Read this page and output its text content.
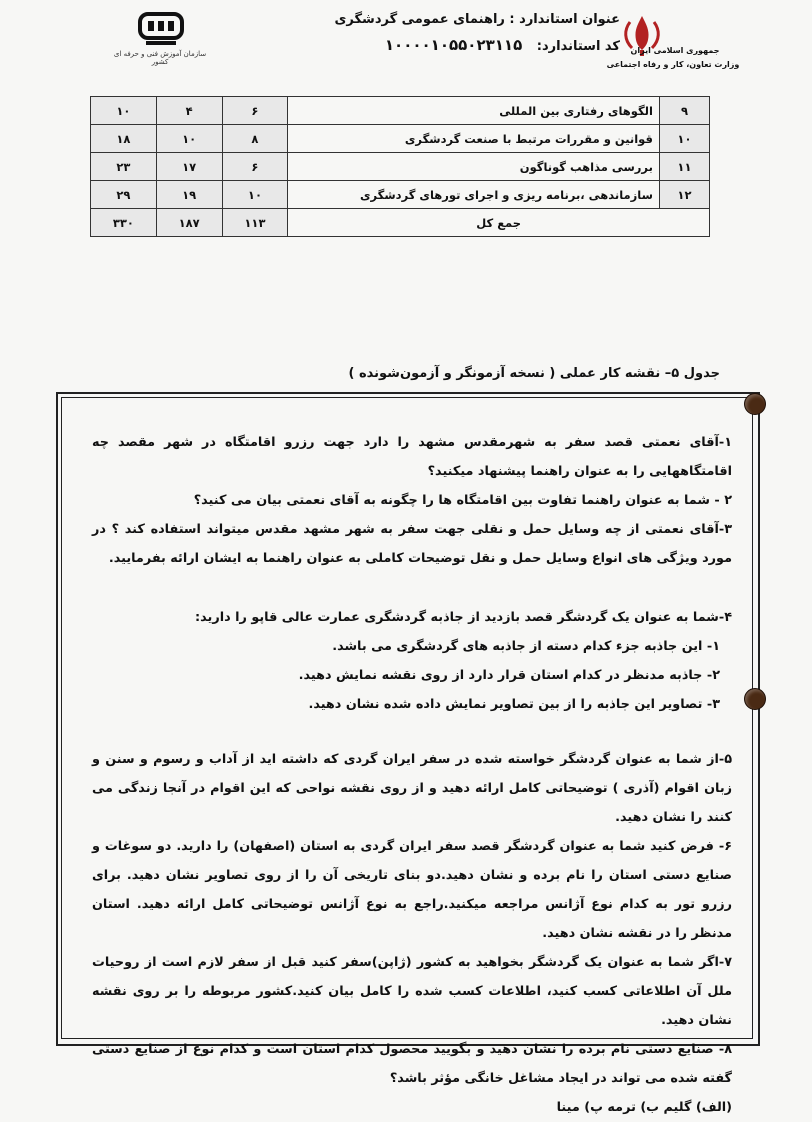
عنوان استاندارد : راهنمای عمومی گردشگری
کد استاندارد: ۱۰۰۰۰۱۰۵۵۰۲۳۱۱۵	جمهوری اسلامی ایران
وزارت تعاون، کار و رفاه اجتماعی
سازمان آموزش فنی و حرفه ای کشور
۹	الگوهای رفتاری بین المللی	۶	۴	۱۰
۱۰	قوانین و مقررات مرتبط با صنعت گردشگری	۸	۱۰	۱۸
۱۱	بررسی مذاهب گوناگون	۶	۱۷	۲۳
۱۲	سازماندهی ،برنامه ریزی و اجرای تورهای گردشگری	۱۰	۱۹	۲۹
جمع کل		۱۱۳	۱۸۷	۳۳۰
جدول ۵– نقشه کار عملی ( نسخه آزمونگر و آزمون‌شونده )

۱-آقای نعمتی قصد سفر به شهرمقدس مشهد را دارد جهت رزرو اقامتگاه در شهر مقصد چه اقامتگاههایی را به عنوان راهنما پیشنهاد میکنید؟

۲ - شما به عنوان راهنما تفاوت بین اقامتگاه ها را چگونه به آقای نعمتی بیان می کنید؟

۳-آقای نعمتی از چه وسایل حمل و نقلی جهت سفر به شهر مشهد مقدس میتواند استفاده کند ؟ در مورد ویژگی های انواع وسایل حمل و نقل توضیحات کاملی به عنوان راهنما به ایشان ارائه بفرمایید.

۴-شما به عنوان یک گردشگر قصد بازدید از جاذبه گردشگری عمارت عالی قاپو را دارید:

۱- این جاذبه جزء کدام دسته از جاذبه های گردشگری می باشد.

۲- جاذبه مدنظر در کدام استان قرار دارد از روی نقشه نمایش دهید.

۳- تصاویر این جاذبه را از بین تصاویر نمایش داده شده نشان دهید.

۵-از شما به عنوان گردشگر خواسته شده در سفر ایران گردی که داشته اید از آداب و رسوم و سنن و زبان اقوام (آذری ) توضیحاتی کامل ارائه دهید و از روی نقشه نواحی که این اقوام در آنجا زندگی می کنند را نشان دهید.

۶- فرض کنید شما به عنوان گردشگر قصد سفر ایران گردی به استان (اصفهان) را دارید. دو سوغات و صنایع دستی استان را نام برده و نشان دهید.دو بنای تاریخی آن را از روی تصاویر نشان دهید. برای رزرو تور به کدام نوع آژانس مراجعه میکنید.راجع به نوع آژانس توضیحاتی کامل ارائه دهید. استان مدنظر را در نقشه نشان دهید.

۷-اگر شما به عنوان یک گردشگر بخواهید به کشور (ژاپن)سفر کنید قبل از سفر لازم است از روحیات ملل آن اطلاعاتی کسب کنید، اطلاعات کسب شده را کامل بیان کنید.کشور مربوطه را بر روی نقشه نشان دهید.

۸- صنایع دستی نام برده را نشان دهید و بگویید محصول کدام استان است و کدام نوع از صنایع دستی گفته شده می تواند در ایجاد مشاغل خانگی مؤثر باشد؟

(الف) گلیم ب) ترمه پ) مینا
